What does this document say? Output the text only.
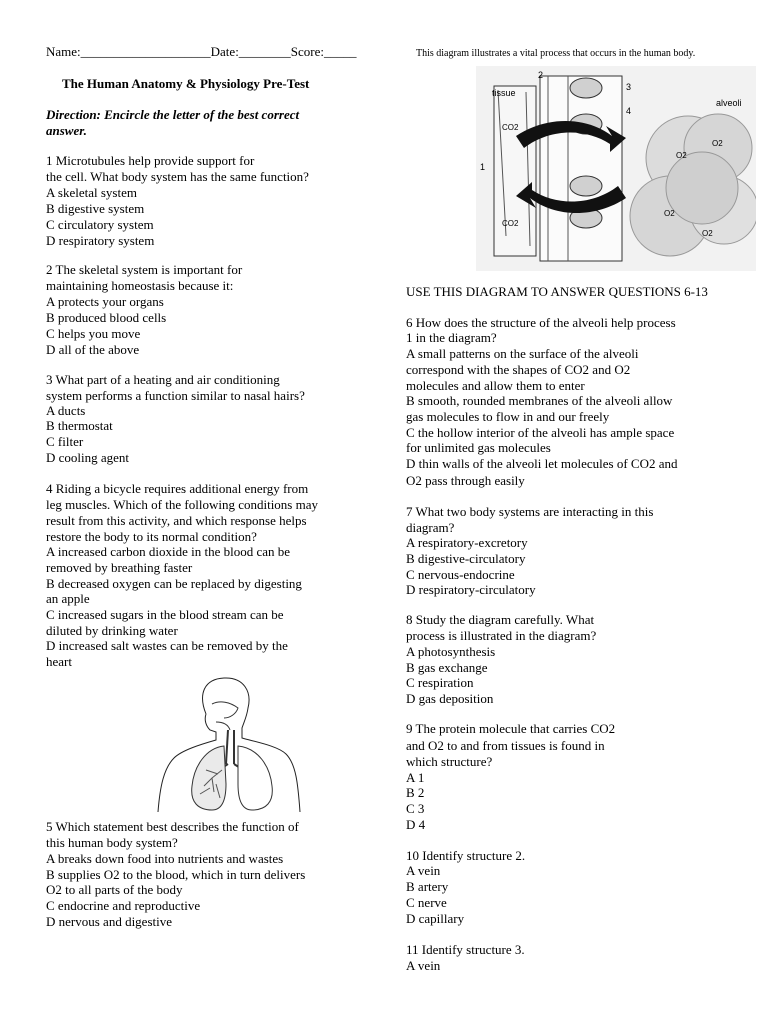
Name:____________________Date:________Score:_____
The Human Anatomy & Physiology Pre-Test
Direction: Encircle the letter of the best correct
answer.
1 Microtubules help provide support for
the cell. What body system has the same function?
A skeletal system
B digestive system
C circulatory system
D respiratory system
2 The skeletal system is important for
maintaining homeostasis because it:
A protects your organs
B produced blood cells
C helps you move
D all of the above
3 What part of a heating and air conditioning
system performs a function similar to nasal hairs?
A ducts
B thermostat
C filter
D cooling agent
4 Riding a bicycle requires additional energy from
leg muscles. Which of the following conditions may
result from this activity, and which response helps
restore the body to its normal condition?
A increased carbon dioxide in the blood can be
removed by breathing faster
B decreased oxygen can be replaced by digesting
an apple
C increased sugars in the blood stream can be
diluted by drinking water
D increased salt wastes can be removed by the
heart
5 Which statement best describes the function of
this human body system?
A breaks down food into nutrients and wastes
B supplies O2 to the blood, which in turn delivers
O2 to all parts of the body
C endocrine and reproductive
D nervous and digestive
This diagram illustrates a vital process that occurs in the human body.
tissue
alveoli
1
2
3
4
O2
O2
O2
O2
CO2
CO2
USE THIS DIAGRAM TO ANSWER QUESTIONS 6-13
6 How does the structure of the alveoli help process
1 in the diagram?
A small patterns on the surface of the alveoli
correspond with the shapes of CO2 and O2
molecules and allow them to enter
B smooth, rounded membranes of the alveoli allow
gas molecules to flow in and our freely
C the hollow interior of the alveoli has ample space
for unlimited gas molecules
D thin walls of the alveoli let molecules of CO2 and
O2 pass through easily
7 What two body systems are interacting in this
diagram?
A respiratory-excretory
B digestive-circulatory
C nervous-endocrine
D respiratory-circulatory
8 Study the diagram carefully. What
process is illustrated in the diagram?
A photosynthesis
B gas exchange
C respiration
D gas deposition
9 The protein molecule that carries CO2
and O2 to and from tissues is found in
which structure?
A 1
B 2
C 3
D 4
10 Identify structure 2.
A vein
B artery
C nerve
D capillary
11 Identify structure 3.
A vein
